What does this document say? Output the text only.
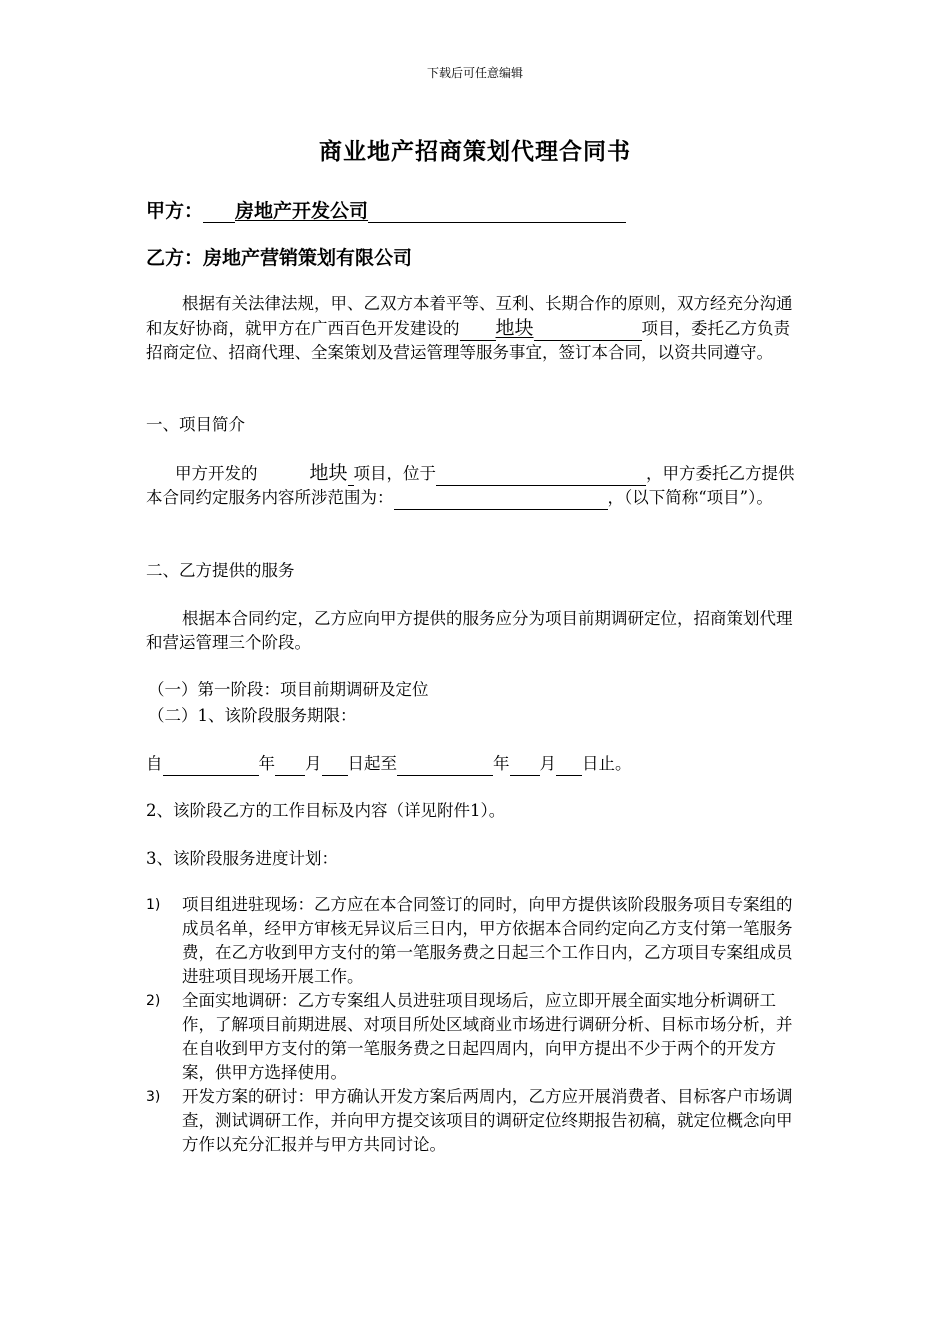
下载后可任意编辑
商业地产招商策划代理合同书
甲方： 房地产开发公司
乙方：房地产营销策划有限公司
根据有关法律法规，甲、乙双方本着平等、互利、长期合作的原则，双方经充分沟通和友好协商，就甲方在广西百色开发建设的 地块	项目，委托乙方负责招商定位、招商代理、全案策划及营运管理等服务事宜，签订本合同，以资共同遵守。
一、项目简介
甲方开发的	地块 项目，位于	，甲方委托乙方提供本合同约定服务内容所涉范围为：	，（以下简称“项目”）。
二、乙方提供的服务
根据本合同约定，乙方应向甲方提供的服务应分为项目前期调研定位，招商策划代理和营运管理三个阶段。
（一）第一阶段：项目前期调研及定位
（二）1、该阶段服务期限：
自	年 月 日起至	年 月 日止。
2、该阶段乙方的工作目标及内容（详见附件1）。
3、该阶段服务进度计划：
1) 项目组进驻现场：乙方应在本合同签订的同时，向甲方提供该阶段服务项目专案组的成员名单，经甲方审核无异议后三日内，甲方依据本合同约定向乙方支付第一笔服务费，在乙方收到甲方支付的第一笔服务费之日起三个工作日内，乙方项目专案组成员进驻项目现场开展工作。
2) 全面实地调研：乙方专案组人员进驻项目现场后，应立即开展全面实地分析调研工作，了解项目前期进展、对项目所处区域商业市场进行调研分析、目标市场分析，并在自收到甲方支付的第一笔服务费之日起四周内，向甲方提出不少于两个的开发方案，供甲方选择使用。
3) 开发方案的研讨：甲方确认开发方案后两周内，乙方应开展消费者、目标客户市场调查，测试调研工作，并向甲方提交该项目的调研定位终期报告初稿，就定位概念向甲方作以充分汇报并与甲方共同讨论。
